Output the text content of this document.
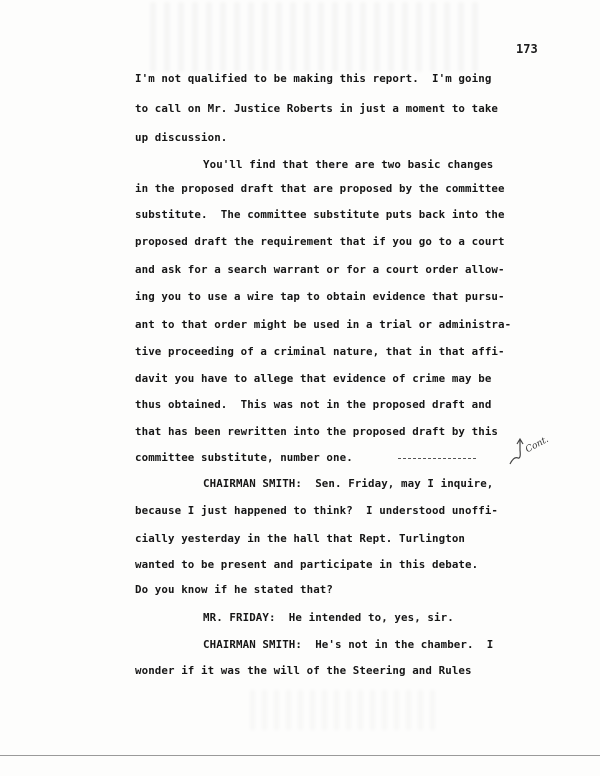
173
I'm not qualified to be making this report.  I'm going
to call on Mr. Justice Roberts in just a moment to take
up discussion.
You'll find that there are two basic changes
in the proposed draft that are proposed by the committee
substitute.  The committee substitute puts back into the
proposed draft the requirement that if you go to a court
and ask for a search warrant or for a court order allow-
ing you to use a wire tap to obtain evidence that pursu-
ant to that order might be used in a trial or administra-
tive proceeding of a criminal nature, that in that affi-
davit you have to allege that evidence of crime may be
thus obtained.  This was not in the proposed draft and
that has been rewritten into the proposed draft by this
committee substitute, number one.
Cont.
CHAIRMAN SMITH:  Sen. Friday, may I inquire,
because I just happened to think?  I understood unoffi-
cially yesterday in the hall that Rept. Turlington
wanted to be present and participate in this debate.
Do you know if he stated that?
MR. FRIDAY:  He intended to, yes, sir.
CHAIRMAN SMITH:  He's not in the chamber.  I
wonder if it was the will of the Steering and Rules
